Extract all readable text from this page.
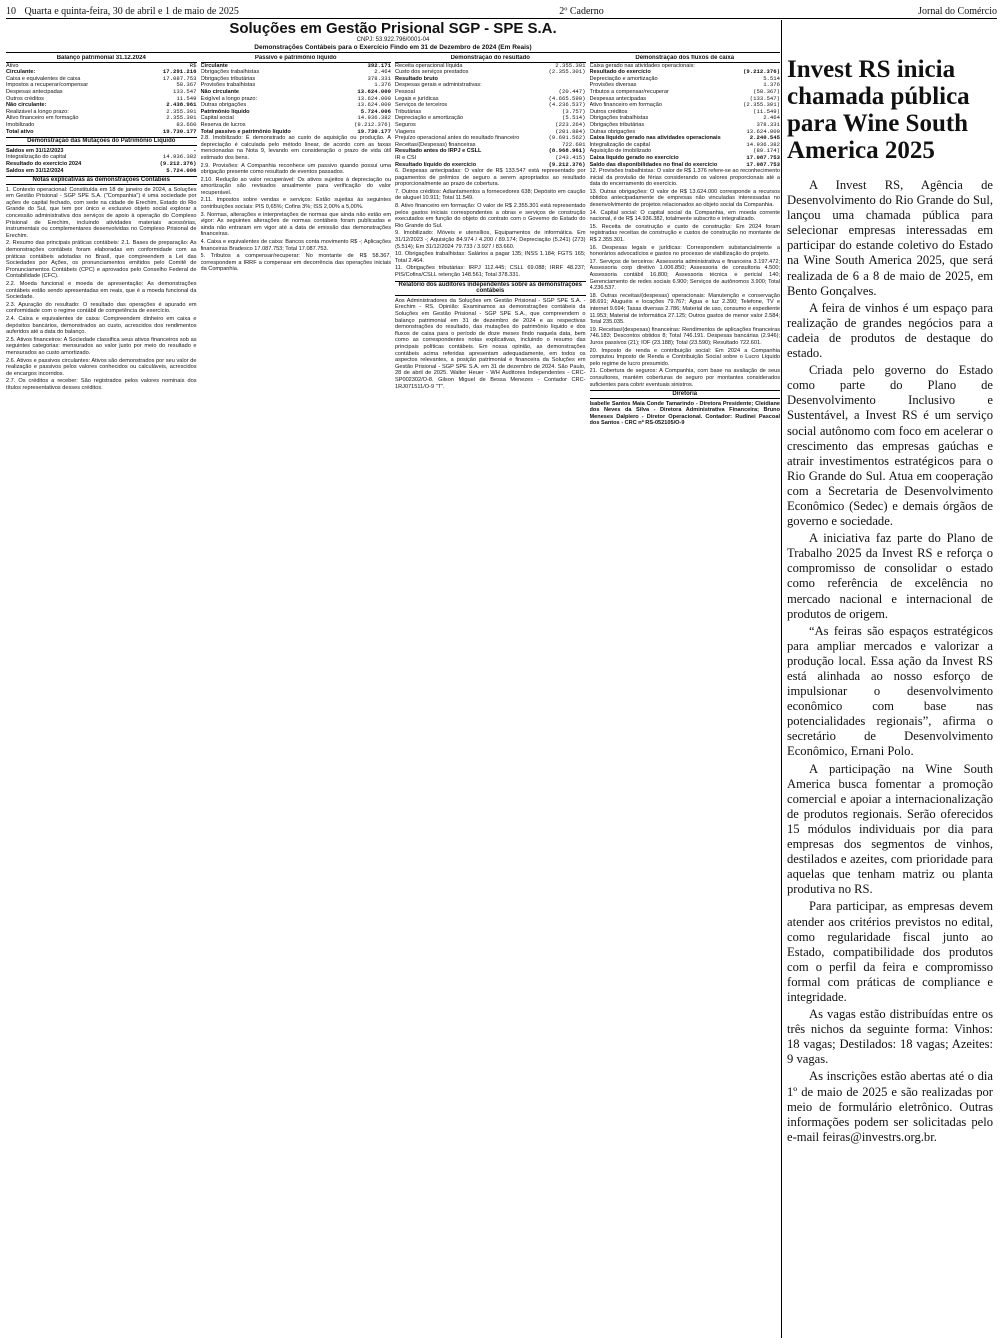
10 Quarta e quinta-feira, 30 de abril e 1 de maio de 2025	2º Caderno	Jornal do Comércio
Soluções em Gestão Prisional SGP - SPE S.A.
CNPJ: 53.922.796/0001-04
Demonstrações Contábeis para o Exercício Findo em 31 de Dezembro de 2024 (Em Reais)
Balanço patrimonial 31.12.2024
Ativo	R$
Circulante:	17.291.216
Caixa e equivalentes de caixa	17.087.753
Impostos a recuperar/compensar	58.367
Despesas antecipadas	133.547
Outros créditos	11.549
Não circulante:	2.438.961
Realizável a longo prazo:	2.355.301
Ativo financeiro em formação	2.355.301
Imobilizado	83.660
Total ativo	19.730.177
Demonstração das Mutações do Patrimônio Líquido
Saldos em 31/12/2023	-
Integralização do capital	14.936.382
Resultado do exercício 2024	(9.212.376)
Saldos em 31/12/2024	5.724.006
Notas explicativas às demonstrações Contábeis

1. Contexto operacional: Constituída em 18 de janeiro de 2024, a Soluções em Gestão Prisional - SGP SPE S.A. ("Companhia") é uma sociedade por ações de capital fechado, com sede na cidade de Erechim, Estado do Rio Grande do Sul, que tem por único e exclusivo objeto social explorar a concessão administrativa dos serviços de apoio à operação do Complexo Prisional de Erechim, incluindo atividades materiais acessórias, instrumentais ou complementares desenvolvidas no Complexo Prisional de Erechim.

2. Resumo das principais práticas contábeis: 2.1. Bases de preparação: As demonstrações contábeis foram elaboradas em conformidade com as práticas contábeis adotadas no Brasil, que compreendem a Lei das Sociedades por Ações, os pronunciamentos emitidos pelo Comitê de Pronunciamentos Contábeis (CPC) e aprovados pelo Conselho Federal de Contabilidade (CFC).

2.2. Moeda funcional e moeda de apresentação: As demonstrações contábeis estão sendo apresentadas em reais, que é a moeda funcional da Sociedade.

2.3. Apuração do resultado: O resultado das operações é apurado em conformidade com o regime contábil de competência de exercício.

2.4. Caixa e equivalentes de caixa: Compreendem dinheiro em caixa e depósitos bancários, demonstrados ao custo, acrescidos dos rendimentos auferidos até a data do balanço.

2.5. Ativos financeiros: A Sociedade classifica seus ativos financeiros sob as seguintes categorias: mensurados ao valor justo por meio do resultado e mensurados ao custo amortizado.

2.6. Ativos e passivos circulantes: Ativos são demonstrados por seu valor de realização e passivos pelos valores conhecidos ou calculáveis, acrescidos de encargos incorridos.

2.7. Os créditos a receber: São registrados pelos valores nominais dos títulos representativos desses créditos.

Passivo e patrimônio líquido
Circulante	392.171
Obrigações trabalhistas	2.464
Obrigações tributárias	378.331
Provisões trabalhistas	1.376
Não circulante	13.624.000
Exigível a longo prazo:	13.624.000
Outras obrigações	13.624.000
Patrimônio líquido	5.724.006
Capital social	14.936.382
Reserva de lucros	(9.212.376)
Total passivo e patrimônio líquido	19.730.177

2.8. Imobilizado: É demonstrado ao custo de aquisição ou produção. A depreciação é calculada pelo método linear, de acordo com as taxas mencionadas na Nota 9, levando em consideração o prazo de vida útil estimado dos bens.

2.9. Provisões: A Companhia reconhece um passivo quando possui uma obrigação presente como resultado de eventos passados.

2.10. Redução ao valor recuperável: Os ativos sujeitos à depreciação ou amortização são revisados anualmente para verificação do valor recuperável.

2.11. Impostos sobre vendas e serviços: Estão sujeitas às seguintes contribuições sociais: PIS 0,65%; Cofins 3%; ISS 2,00% a 5,00%.

3. Normas, alterações e interpretações de normas que ainda não estão em vigor: As seguintes alterações de normas contábeis foram publicadas e ainda não entraram em vigor até a data de emissão das demonstrações financeiras.

4. Caixa e equivalentes de caixa: Bancos conta movimento R$ -; Aplicações financeiras Bradesco 17.087.753; Total 17.087.753.

5. Tributos a compensar/recuperar: No montante de R$ 58.367, correspondem a IRRF a compensar em decorrência das operações iniciais da Companhia.

Demonstração do resultado
Receita operacional líquida	2.355.301
Custo dos serviços prestados	(2.355.301)
Resultado bruto
Despesas gerais e administrativas:
Pessoal	(20.447)
Legais e jurídicas	(4.665.590)
Serviços de terceiros	(4.236.537)
Tributárias	(3.757)
Depreciação e amortização	(5.514)
Seguros	(223.264)
Viagens	(201.884)
Prejuízo operacional antes do resultado financeiro	(9.691.562)
Receitas/(Despesas) financeiras	722.601
Resultado antes do IRPJ e CSLL	(8.968.961)
IR e CSI	(243.415)
Resultado líquido do exercício	(9.212.376)

6. Despesas antecipadas: O valor de R$ 133.547 está representado por pagamentos de prêmios de seguro a serem apropriados ao resultado proporcionalmente ao prazo de cobertura.

7. Outros créditos: Adiantamentos a fornecedores 638; Depósito em caução de aluguel 10.911; Total 11.549.

8. Ativo financeiro em formação: O valor de R$ 2.355.301 está representado pelos gastos iniciais correspondentes a obras e serviços de construção executados em função do objeto do contrato com o Governo do Estado do Rio Grande do Sul.

9. Imobilizado: Móveis e utensílios, Equipamentos de informática. Em 31/12/2023 -; Aquisição 84.974 / 4.200 / 89.174; Depreciação (5.241) (273) (5.514); Em 31/12/2024 79.733 / 3.927 / 83.660.

10. Obrigações trabalhistas: Salários a pagar 135; INSS 1.184; FGTS 165; Total 2.464.

11. Obrigações tributárias: IRPJ 112.445; CSLL 69.088; IRRF 48.237; PIS/Cofins/CSLL retenção 148.561; Total 378.331.

Relatório dos auditores independentes sobre as demonstrações contábeis

Aos Administradores da Soluções em Gestão Prisional - SGP SPE S.A. - Erechim - RS. Opinião: Examinamos as demonstrações contábeis da Soluções em Gestão Prisional - SGP SPE S.A., que compreendem o balanço patrimonial em 31 de dezembro de 2024 e as respectivas demonstrações do resultado, das mutações do patrimônio líquido e dos fluxos de caixa para o período de doze meses findo naquela data, bem como as correspondentes notas explicativas, incluindo o resumo das principais políticas contábeis. Em nossa opinião, as demonstrações contábeis acima referidas apresentam adequadamente, em todos os aspectos relevantes, a posição patrimonial e financeira da Soluções em Gestão Prisional - SGP SPE S.A. em 31 de dezembro de 2024. São Paulo, 28 de abril de 2025. Walter Heuer - WH Auditores Independentes - CRC-SP002302/O-8. Gilson Miguel de Bessa Menezes - Contador CRC-1RJ071511/O-9 "T".

Demonstração dos fluxos de caixa
Caixa gerado nas atividades operacionais:
Resultado do exercício	(9.212.376)
Depreciação e amortização	5.514
Provisões diversas	1.376
Tributos a compensar/recuperar	(58.367)
Despesas antecipadas	(133.547)
Ativo financeiro em formação	(2.355.301)
Outros créditos	(11.549)
Obrigações trabalhistas	2.464
Obrigações tributárias	378.331
Outras obrigações	13.624.000
Caixa líquido gerado nas atividades operacionais	2.240.545
Integralização de capital	14.936.382
Aquisição de imobilizado	(89.174)
Caixa líquido gerado no exercício	17.087.753
Saldo das disponibilidades no final do exercício	17.087.753

12. Provisões trabalhistas: O valor de R$ 1.376 refere-se ao reconhecimento inicial da provisão de férias considerando os valores proporcionais até a data do encerramento do exercício.

13. Outras obrigações: O valor de R$ 13.624.000 corresponde a recursos obtidos antecipadamente de empresas não vinculadas interessadas no desenvolvimento de projetos relacionados ao objeto social da Companhia.

14. Capital social: O capital social da Companhia, em moeda corrente nacional, é de R$ 14.936.382, totalmente subscrito e integralizado.

15. Receita de construção e custo de construção: Em 2024 foram registradas receitas de construção e custos de construção no montante de R$ 2.355.301.

16. Despesas legais e jurídicas: Correspondem substancialmente a honorários advocatícios e gastos no processo de viabilização do projeto.

17. Serviços de terceiros: Assessoria administrativa e financeira 3.197.472; Assessoria corp diretivo 1.006.850; Assessoria de consultoria 4.500; Assessoria contábil 16.800; Assessoria técnica e pericial 140; Gerenciamento de redes sociais 6.900; Serviços de autônomos 3.900; Total 4.236.537.

18. Outras receitas/(despesas) operacionais: Manutenção e conservação 98.691; Aluguéis e locações 79.767; Água e luz 2.390; Telefone, TV e internet 9.694; Taxas diversas 2.786; Material de uso, consumo e expediente 11.953; Material de informática 27.125; Outros gastos de menor valor 2.584; Total 235.035.

19. Receitas/(despesas) financeiras: Rendimentos de aplicações financeiras 746.183; Descontos obtidos 8; Total 746.191. Despesas bancárias (2.946); Juros passivos (21); IOF (23.188); Total (23.590); Resultado 722.601.

20. Imposto de renda e contribuição social: Em 2024 a Companhia computou Imposto de Renda e Contribuição Social sobre o Lucro Líquido pelo regime de lucro presumido.

21. Cobertura de seguros: A Companhia, com base na avaliação de seus consultores, mantém coberturas de seguro por montantes considerados suficientes para cobrir eventuais sinistros.

Diretoria

Isabelle Santos Maia Conde Tamarindo - Diretora Presidente; Cleidiane dos Neves da Silva - Diretora Administrativa Financeira; Bruno Meneses Dalpiero - Diretor Operacional. Contador: Rudinei Pascoal dos Santos - CRC nº RS-052105/O-9

Invest RS inicia chamada pública para Wine South America 2025

A Invest RS, Agência de Desenvolvimento do Rio Grande do Sul, lançou uma chamada pública para selecionar empresas interessadas em participar do estande coletivo do Estado na Wine South America 2025, que será realizada de 6 a 8 de maio de 2025, em Bento Gonçalves.

A feira de vinhos é um espaço para realização de grandes negócios para a cadeia de produtos de destaque do estado.

Criada pelo governo do Estado como parte do Plano de Desenvolvimento Inclusivo e Sustentável, a Invest RS é um serviço social autônomo com foco em acelerar o crescimento das empresas gaúchas e atrair investimentos estratégicos para o Rio Grande do Sul. Atua em cooperação com a Secretaria de Desenvolvimento Econômico (Sedec) e demais órgãos de governo e sociedade.

A iniciativa faz parte do Plano de Trabalho 2025 da Invest RS e reforça o compromisso de consolidar o estado como referência de excelência no mercado nacional e internacional de produtos de origem.

“As feiras são espaços estratégicos para ampliar mercados e valorizar a produção local. Essa ação da Invest RS está alinhada ao nosso esforço de impulsionar o desenvolvimento econômico com base nas potencialidades regionais”, afirma o secretário de Desenvolvimento Econômico, Ernani Polo.

A participação na Wine South America busca fomentar a promoção comercial e apoiar a internacionalização de produtos regionais. Serão oferecidos 15 módulos individuais por dia para empresas dos segmentos de vinhos, destilados e azeites, com prioridade para aquelas que tenham matriz ou planta produtiva no RS.

Para participar, as empresas devem atender aos critérios previstos no edital, como regularidade fiscal junto ao Estado, compatibilidade dos produtos com o perfil da feira e compromisso formal com práticas de compliance e integridade.

As vagas estão distribuídas entre os três nichos da seguinte forma: Vinhos: 18 vagas; Destilados: 18 vagas; Azeites: 9 vagas.

As inscrições estão abertas até o dia 1º de maio de 2025 e são realizadas por meio de formulário eletrônico. Outras informações podem ser solicitadas pelo e-mail feiras@investrs.org.br.
